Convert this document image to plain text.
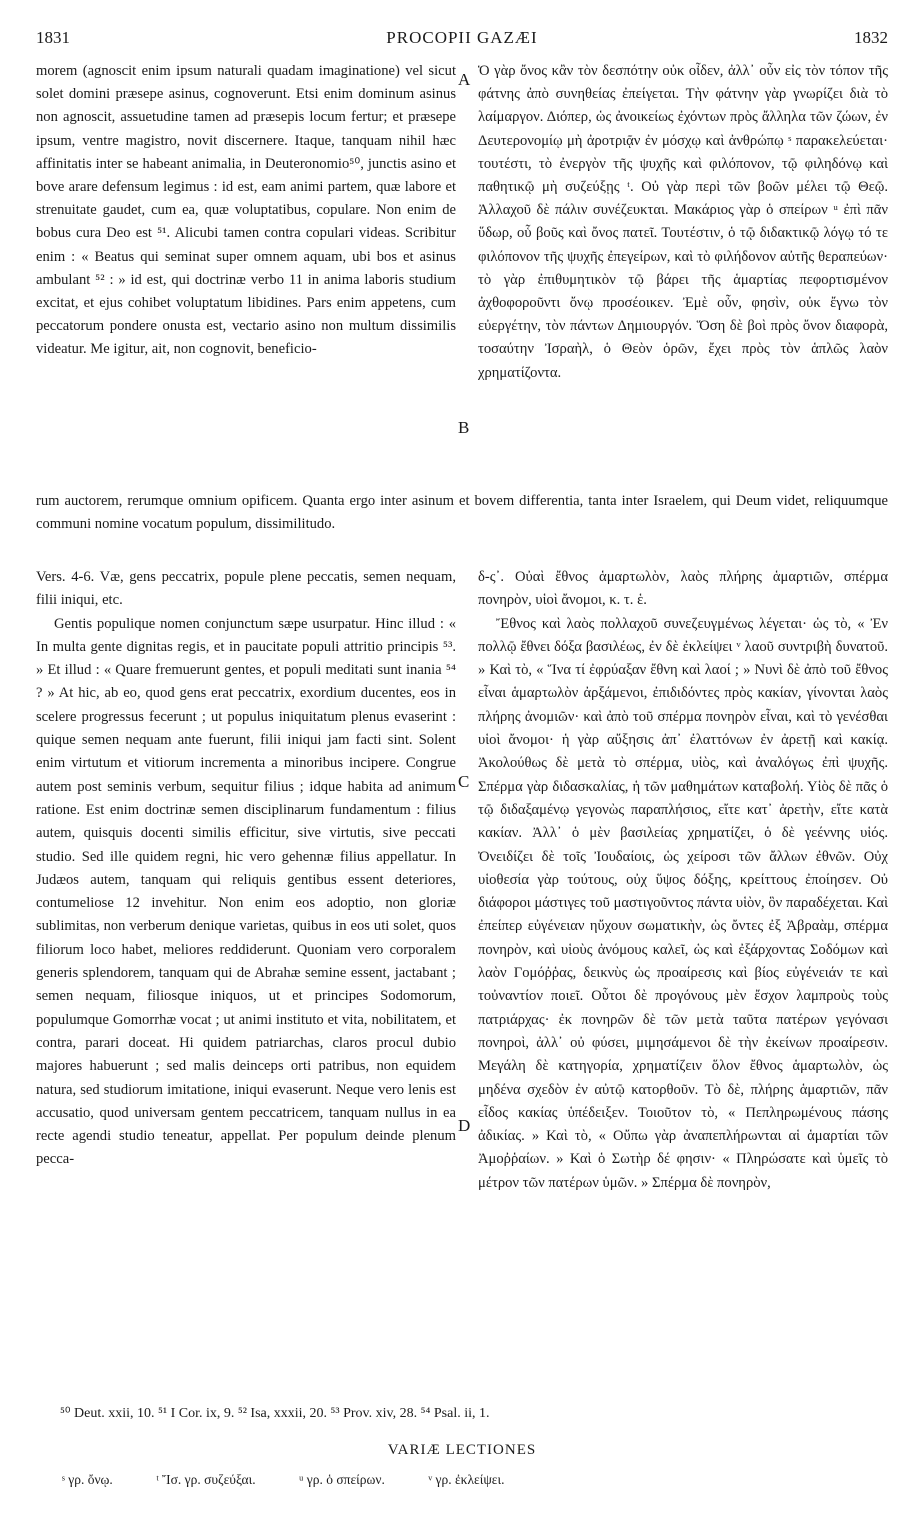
1831	PROCOPII GAZÆI	1832
A
B
C
D

morem (agnoscit enim ipsum naturali quadam imaginatione) vel sicut solet domini præsepe asinus, cognoverunt. Etsi enim dominum asinus non agnoscit, assuetudine tamen ad præsepis locum fertur; et præsepe ipsum, ventre magistro, novit discernere. Itaque, tanquam nihil hæc affinitatis inter se habeant animalia, in Deuteronomio⁵⁰, junctis asino et bove arare defensum legimus : id est, eam animi partem, quæ labore et strenuitate gaudet, cum ea, quæ voluptatibus, copulare. Non enim de bobus cura Deo est ⁵¹. Alicubi tamen contra copulari videas. Scribitur enim : « Beatus qui seminat super omnem aquam, ubi bos et asinus ambulant ⁵² : » id est, qui doctrinæ verbo 11 in anima laboris studium excitat, et ejus cohibet voluptatum libidines. Pars enim appetens, cum peccatorum pondere onusta est, vectario asino non multum dissimilis videatur. Me igitur, ait, non cognovit, beneficio-

Ὁ γὰρ ὄνος κἂν τὸν δεσπότην οὐκ οἶδεν, ἀλλ᾽ οὖν εἰς τὸν τόπον τῆς φάτνης ἀπὸ συνηθείας ἐπείγεται. Τὴν φάτνην γὰρ γνωρίζει διὰ τὸ λαίμαργον. Διόπερ, ὡς ἀνοικείως ἐχόντων πρὸς ἄλληλα τῶν ζώων, ἐν Δευτερονομίῳ μὴ ἀροτριᾷν ἐν μόσχῳ καὶ ἀνθρώπῳ ˢ παρακελεύεται· τουτέστι, τὸ ἐνεργὸν τῆς ψυχῆς καὶ φιλόπονον, τῷ φιληδόνῳ καὶ παθητικῷ μὴ συζεύξῃς ᵗ. Οὐ γὰρ περὶ τῶν βοῶν μέλει τῷ Θεῷ. Ἀλλαχοῦ δὲ πάλιν συνέζευκται. Μακάριος γὰρ ὁ σπείρων ᵘ ἐπὶ πᾶν ὕδωρ, οὗ βοῦς καὶ ὄνος πατεῖ. Τουτέστιν, ὁ τῷ διδακτικῷ λόγῳ τό τε φιλόπονον τῆς ψυχῆς ἐπεγείρων, καὶ τὸ φιλήδονον αὐτῆς θεραπεύων· τὸ γὰρ ἐπιθυμητικὸν τῷ βάρει τῆς ἁμαρτίας πεφορτισμένον ἀχθοφοροῦντι ὄνῳ προσέοικεν. Ἐμὲ οὖν, φησὶν, οὐκ ἔγνω τὸν εὐεργέτην, τὸν πάντων Δημιουργόν. Ὅση δὲ βοὶ πρὸς ὄνον διαφορὰ, τοσαύτην Ἰσραὴλ, ὁ Θεὸν ὁρῶν, ἔχει πρὸς τὸν ἁπλῶς λαὸν χρηματίζοντα.

rum auctorem, rerumque omnium opificem. Quanta ergo inter asinum et bovem differentia, tanta inter Israelem, qui Deum videt, reliquumque communi nomine vocatum populum, dissimilitudo.

Vers. 4-6. Væ, gens peccatrix, popule plene peccatis, semen nequam, filii iniqui, etc.

Gentis populique nomen conjunctum sæpe usurpatur. Hinc illud : « In multa gente dignitas regis, et in paucitate populi attritio principis ⁵³. » Et illud : « Quare fremuerunt gentes, et populi meditati sunt inania ⁵⁴ ? » At hic, ab eo, quod gens erat peccatrix, exordium ducentes, eos in scelere progressus fecerunt ; ut populus iniquitatum plenus evaserint : quique semen nequam ante fuerunt, filii iniqui jam facti sint. Solent enim virtutum et vitiorum incrementa a minoribus incipere. Congrue autem post seminis verbum, sequitur filius ; idque habita ad animum ratione. Est enim doctrinæ semen disciplinarum fundamentum : filius autem, quisquis docenti similis efficitur, sive virtutis, sive peccati studio. Sed ille quidem regni, hic vero gehennæ filius appellatur. In Judæos autem, tanquam qui reliquis gentibus essent deteriores, contumeliose 12 invehitur. Non enim eos adoptio, non gloriæ sublimitas, non verberum denique varietas, quibus in eos uti solet, quos filiorum loco habet, meliores reddiderunt. Quoniam vero corporalem generis splendorem, tanquam qui de Abrahæ semine essent, jactabant ; semen nequam, filiosque iniquos, ut et principes Sodomorum, populumque Gomorrhæ vocat ; ut animi instituto et vita, nobilitatem, et contra, parari doceat. Hi quidem patriarchas, claros procul dubio majores habuerunt ; sed malis deinceps orti patribus, non equidem natura, sed studiorum imitatione, iniqui evaserunt. Neque vero lenis est accusatio, quod universam gentem peccatricem, tanquam nullus in ea recte agendi studio teneatur, appellat. Per populum deinde plenum pecca-

δ-ς᾽. Οὐαὶ ἔθνος ἁμαρτωλὸν, λαὸς πλήρης ἁμαρτιῶν, σπέρμα πονηρὸν, υἱοὶ ἄνομοι, κ. τ. ἑ.

Ἔθνος καὶ λαὸς πολλαχοῦ συνεζευγμένως λέγεται· ὡς τὸ, « Ἐν πολλῷ ἔθνει δόξα βασιλέως, ἐν δὲ ἐκλείψει ᵛ λαοῦ συντριβὴ δυνατοῦ. » Καὶ τὸ, « Ἵνα τί ἐφρύαξαν ἔθνη καὶ λαοί ; » Νυνὶ δὲ ἀπὸ τοῦ ἔθνος εἶναι ἁμαρτωλὸν ἀρξάμενοι, ἐπιδιδόντες πρὸς κακίαν, γίνονται λαὸς πλήρης ἀνομιῶν· καὶ ἀπὸ τοῦ σπέρμα πονηρὸν εἶναι, καὶ τὸ γενέσθαι υἱοὶ ἄνομοι· ἡ γὰρ αὔξησις ἀπ᾽ ἐλαττόνων ἐν ἀρετῇ καὶ κακίᾳ. Ἀκολούθως δὲ μετὰ τὸ σπέρμα, υἱὸς, καὶ ἀναλόγως ἐπὶ ψυχῆς. Σπέρμα γὰρ διδασκαλίας, ἡ τῶν μαθημάτων καταβολή. Υἱὸς δὲ πᾶς ὁ τῷ διδαξαμένῳ γεγονὼς παραπλήσιος, εἴτε κατ᾽ ἀρετὴν, εἴτε κατὰ κακίαν. Ἀλλ᾽ ὁ μὲν βασιλείας χρηματίζει, ὁ δὲ γεέννης υἱός. Ὀνειδίζει δὲ τοῖς Ἰουδαίοις, ὡς χείροσι τῶν ἄλλων ἐθνῶν. Οὐχ υἱοθεσία γὰρ τούτους, οὐχ ὕψος δόξης, κρείττους ἐποίησεν. Οὐ διάφοροι μάστιγες τοῦ μαστιγοῦντος πάντα υἱὸν, ὃν παραδέχεται. Καὶ ἐπείπερ εὐγένειαν ηὔχουν σωματικὴν, ὡς ὄντες ἐξ Ἀβραὰμ, σπέρμα πονηρὸν, καὶ υἱοὺς ἀνόμους καλεῖ, ὡς καὶ ἐξάρχοντας Σοδόμων καὶ λαὸν Γομόῤῥας, δεικνὺς ὡς προαίρεσις καὶ βίος εὐγένειάν τε καὶ τοὐναντίον ποιεῖ. Οὗτοι δὲ προγόνους μὲν ἔσχον λαμπροὺς τοὺς πατριάρχας· ἐκ πονηρῶν δὲ τῶν μετὰ ταῦτα πατέρων γεγόνασι πονηροὶ, ἀλλ᾽ οὐ φύσει, μιμησάμενοι δὲ τὴν ἐκείνων προαίρεσιν. Μεγάλη δὲ κατηγορία, χρηματίζειν ὅλον ἔθνος ἁμαρτωλὸν, ὡς μηδένα σχεδὸν ἐν αὐτῷ κατορθοῦν. Τὸ δὲ, πλήρης ἁμαρτιῶν, πᾶν εἶδος κακίας ὑπέδειξεν. Τοιοῦτον τὸ, « Πεπληρωμένους πάσης ἀδικίας. » Καὶ τὸ, « Οὔπω γὰρ ἀναπεπλήρωνται αἱ ἁμαρτίαι τῶν Ἀμοῤῥαίων. » Καὶ ὁ Σωτὴρ δέ φησιν· « Πληρώσατε καὶ ὑμεῖς τὸ μέτρον τῶν πατέρων ὑμῶν. » Σπέρμα δὲ πονηρὸν,

⁵⁰ Deut. xxii, 10. ⁵¹ I Cor. ix, 9. ⁵² Isa, xxxii, 20. ⁵³ Prov. xiv, 28. ⁵⁴ Psal. ii, 1.
VARIÆ LECTIONES
ˢ γρ. ὄνῳ.	ᵗ Ἴσ. γρ. συζεύξαι.	ᵘ γρ. ὁ σπείρων.	ᵛ γρ. ἐκλείψει.
